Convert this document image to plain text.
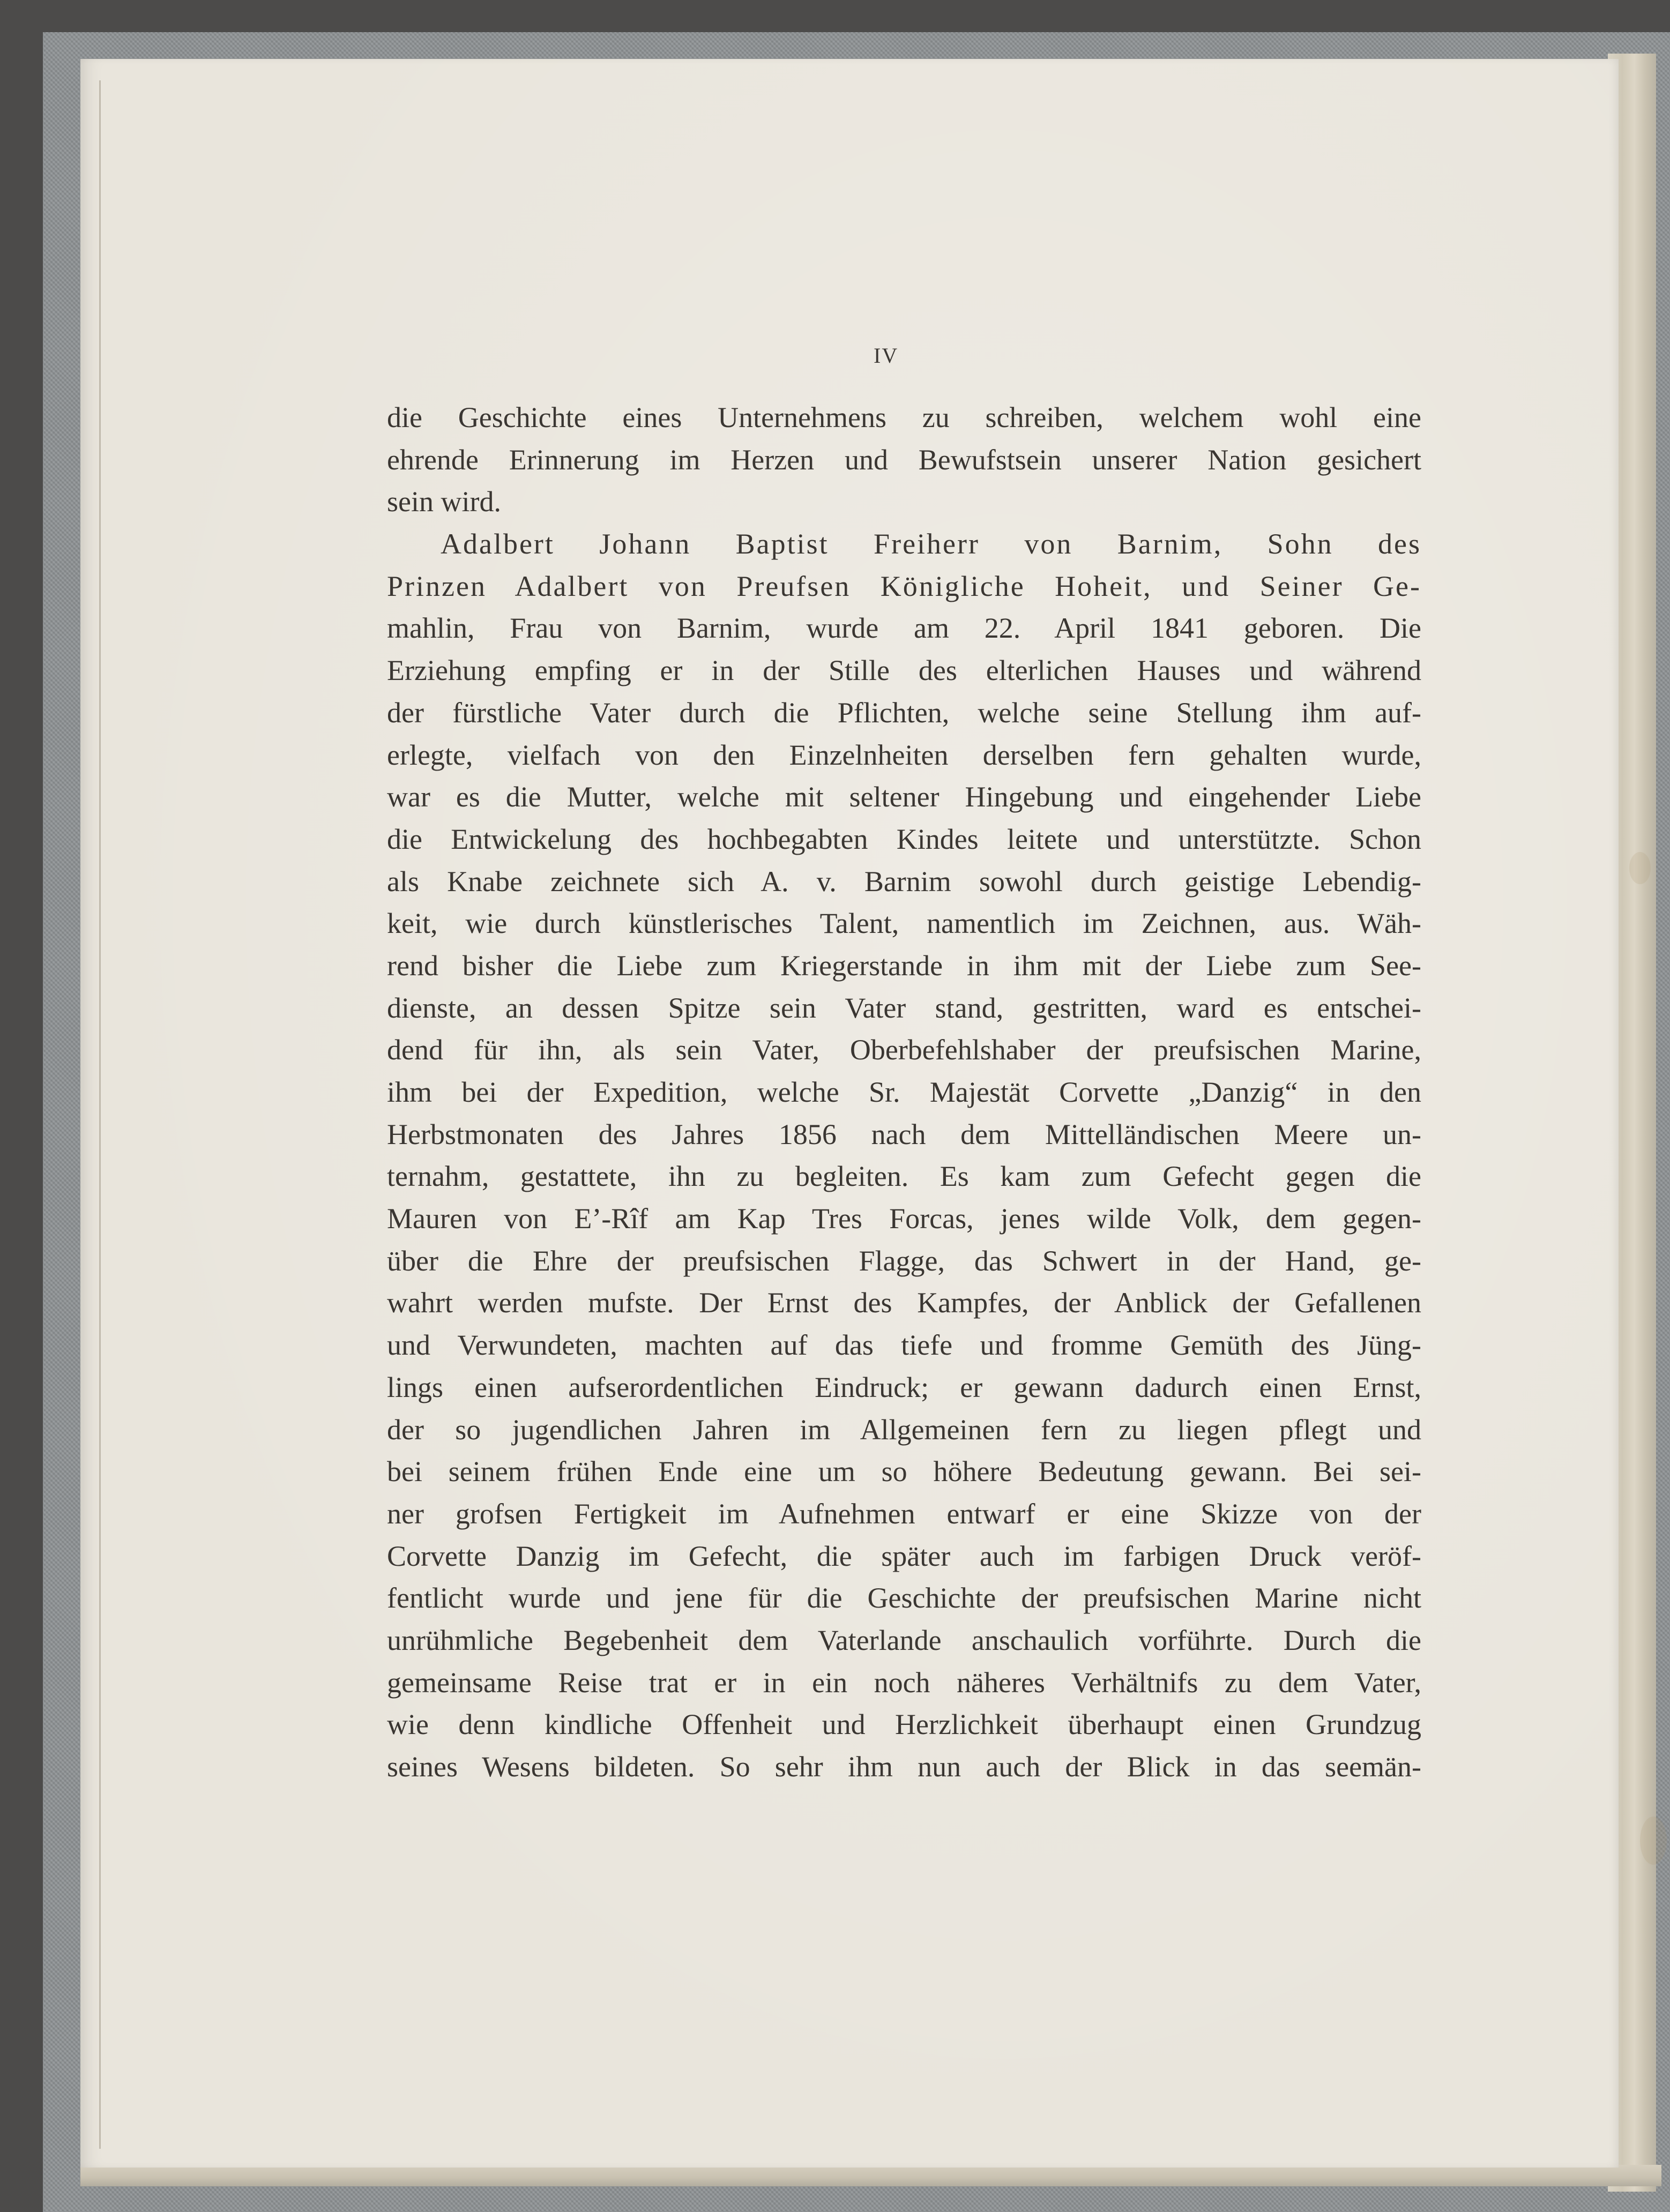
IV
die Geschichte eines Unternehmens zu schreiben, welchem wohl eine
ehrende Erinnerung im Herzen und Bewufstsein unserer Nation gesichert
sein wird.
Adalbert Johann Baptist Freiherr von Barnim, Sohn des
Prinzen Adalbert von Preufsen Königliche Hoheit, und Seiner Ge-
mahlin, Frau von Barnim, wurde am 22. April 1841 geboren. Die
Erziehung empfing er in der Stille des elterlichen Hauses und während
der fürstliche Vater durch die Pflichten, welche seine Stellung ihm auf-
erlegte, vielfach von den Einzelnheiten derselben fern gehalten wurde,
war es die Mutter, welche mit seltener Hingebung und eingehender Liebe
die Entwickelung des hochbegabten Kindes leitete und unterstützte. Schon
als Knabe zeichnete sich A. v. Barnim sowohl durch geistige Lebendig-
keit, wie durch künstlerisches Talent, namentlich im Zeichnen, aus. Wäh-
rend bisher die Liebe zum Kriegerstande in ihm mit der Liebe zum See-
dienste, an dessen Spitze sein Vater stand, gestritten, ward es entschei-
dend für ihn, als sein Vater, Oberbefehlshaber der preufsischen Marine,
ihm bei der Expedition, welche Sr. Majestät Corvette „Danzig“ in den
Herbstmonaten des Jahres 1856 nach dem Mittelländischen Meere un-
ternahm, gestattete, ihn zu begleiten. Es kam zum Gefecht gegen die
Mauren von E’-Rîf am Kap Tres Forcas, jenes wilde Volk, dem gegen-
über die Ehre der preufsischen Flagge, das Schwert in der Hand, ge-
wahrt werden mufste. Der Ernst des Kampfes, der Anblick der Gefallenen
und Verwundeten, machten auf das tiefe und fromme Gemüth des Jüng-
lings einen aufserordentlichen Eindruck; er gewann dadurch einen Ernst,
der so jugendlichen Jahren im Allgemeinen fern zu liegen pflegt und
bei seinem frühen Ende eine um so höhere Bedeutung gewann. Bei sei-
ner grofsen Fertigkeit im Aufnehmen entwarf er eine Skizze von der
Corvette Danzig im Gefecht, die später auch im farbigen Druck veröf-
fentlicht wurde und jene für die Geschichte der preufsischen Marine nicht
unrühmliche Begebenheit dem Vaterlande anschaulich vorführte. Durch die
gemeinsame Reise trat er in ein noch näheres Verhältnifs zu dem Vater,
wie denn kindliche Offenheit und Herzlichkeit überhaupt einen Grundzug
seines Wesens bildeten. So sehr ihm nun auch der Blick in das seemän-
